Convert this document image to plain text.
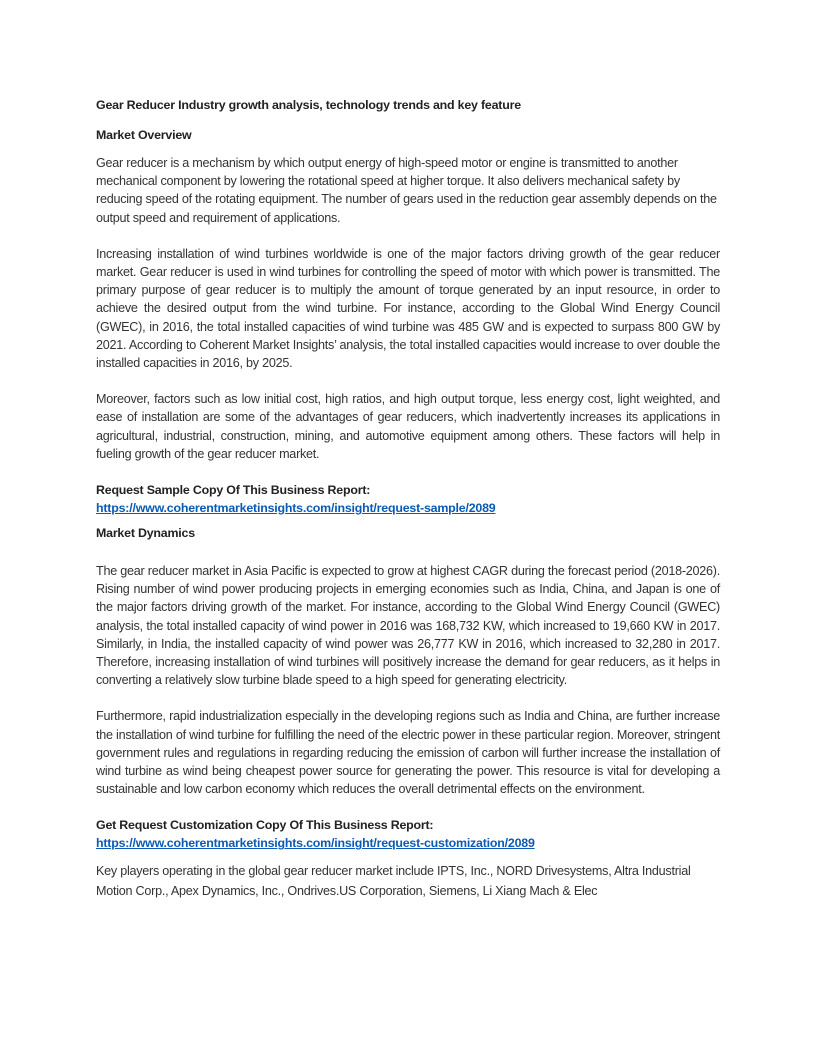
Gear Reducer Industry growth analysis, technology trends and key feature

Market Overview

Gear reducer is a mechanism by which output energy of high-speed motor or engine is transmitted to another mechanical component by lowering the rotational speed at higher torque. It also delivers mechanical safety by reducing speed of the rotating equipment. The number of gears used in the reduction gear assembly depends on the output speed and requirement of applications.

Increasing installation of wind turbines worldwide is one of the major factors driving growth of the gear reducer market. Gear reducer is used in wind turbines for controlling the speed of motor with which power is transmitted. The primary purpose of gear reducer is to multiply the amount of torque generated by an input resource, in order to achieve the desired output from the wind turbine. For instance, according to the Global Wind Energy Council (GWEC), in 2016, the total installed capacities of wind turbine was 485 GW and is expected to surpass 800 GW by 2021. According to Coherent Market Insights’ analysis, the total installed capacities would increase to over double the installed capacities in 2016, by 2025.

Moreover, factors such as low initial cost, high ratios, and high output torque, less energy cost, light weighted, and ease of installation are some of the advantages of gear reducers, which inadvertently increases its applications in agricultural, industrial, construction, mining, and automotive equipment among others. These factors will help in fueling growth of the gear reducer market.

Request Sample Copy Of This Business Report:

https://www.coherentmarketinsights.com/insight/request-sample/2089

Market Dynamics

The gear reducer market in Asia Pacific is expected to grow at highest CAGR during the forecast period (2018-2026). Rising number of wind power producing projects in emerging economies such as India, China, and Japan is one of the major factors driving growth of the market. For instance, according to the Global Wind Energy Council (GWEC) analysis, the total installed capacity of wind power in 2016 was 168,732 KW, which increased to 19,660 KW in 2017. Similarly, in India, the installed capacity of wind power was 26,777 KW in 2016, which increased to 32,280 in 2017. Therefore, increasing installation of wind turbines will positively increase the demand for gear reducers, as it helps in converting a relatively slow turbine blade speed to a high speed for generating electricity.

Furthermore, rapid industrialization especially in the developing regions such as India and China, are further increase the installation of wind turbine for fulfilling the need of the electric power in these particular region. Moreover, stringent government rules and regulations in regarding reducing the emission of carbon will further increase the installation of wind turbine as wind being cheapest power source for generating the power. This resource is vital for developing a sustainable and low carbon economy which reduces the overall detrimental effects on the environment.

Get Request Customization Copy Of This Business Report:

https://www.coherentmarketinsights.com/insight/request-customization/2089

Key players operating in the global gear reducer market include IPTS, Inc., NORD Drivesystems, Altra Industrial Motion Corp., Apex Dynamics, Inc., Ondrives.US Corporation, Siemens, Li Xiang Mach & Elec
